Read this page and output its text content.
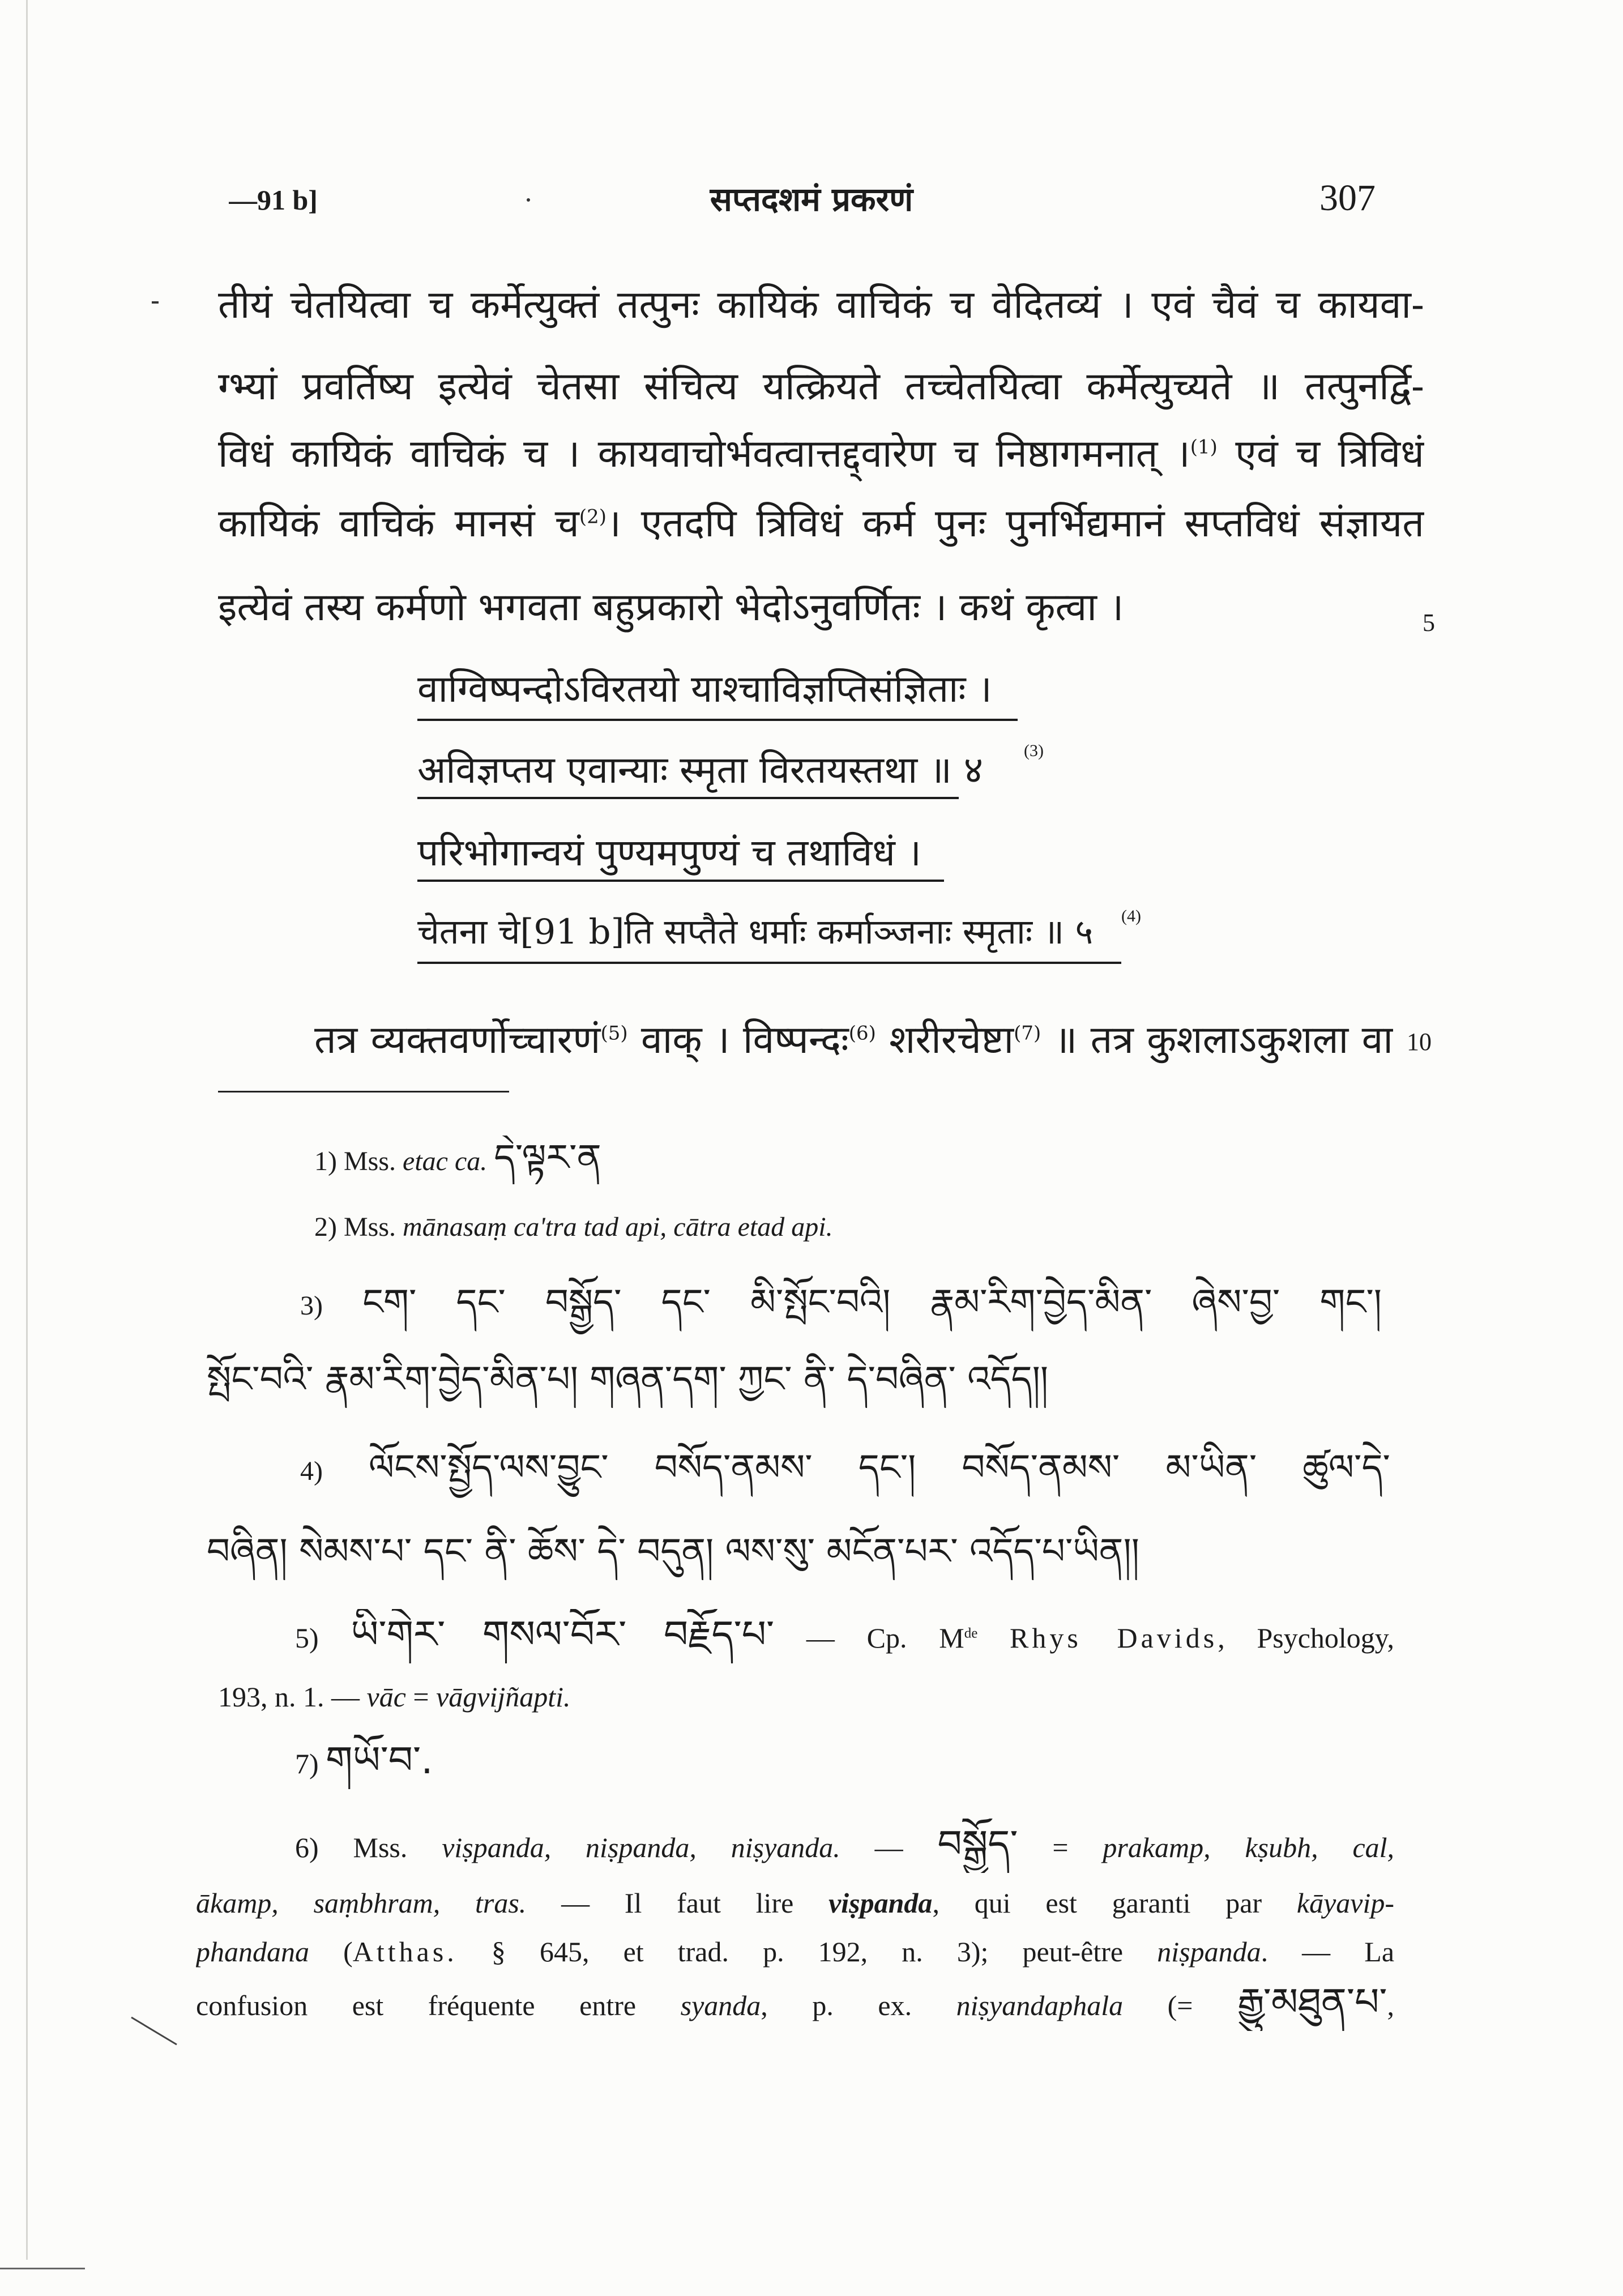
—91 b]	सप्तदशमं प्रकरणं	307
तीयं चेतयित्वा च कर्मेत्युक्तं तत्पुनः कायिकं वाचिकं च वेदितव्यं । एवं चैवं च कायवा-
ग्भ्यां प्रवर्तिष्य इत्येवं चेतसा संचित्य यत्क्रियते तच्चेतयित्वा कर्मेत्युच्यते ॥ तत्पुनर्द्वि-
विधं कायिकं वाचिकं च । कायवाचोर्भवत्वात्तद्द्वारेण च निष्ठागमनात् ।$^{(1)}$ एवं च त्रिविधं
कायिकं वाचिकं मानसं च$^{(2)}$। एतदपि त्रिविधं कर्म पुनः पुनर्भिद्यमानं सप्तविधं संज्ञायत
इत्येवं तस्य कर्मणो भगवता बहुप्रकारो भेदोऽनुवर्णितः । कथं कृत्वा ।	5
वाग्विष्पन्दोऽविरतयो याश्चाविज्ञप्तिसंज्ञिताः ।
अविज्ञप्तय एवान्याः स्मृता विरतयस्तथा ॥ ४ (3)
परिभोगान्वयं पुण्यमपुण्यं च तथाविधं ।
चेतना चे[91 b]ति सप्तैते धर्माः कर्माञ्जनाः स्मृताः ॥ ५	(4)
तत्र व्यक्तवर्णोच्चारणं$^{(5)}$ वाक् । विष्पन्दः$^{(6)}$ शरीरचेष्टा$^{(7)}$ ॥ तत्र कुशलाऽकुशला वा 10
1) Mss. etac ca. དེ་ལྟར་ན
2) Mss. mānasaṃ ca'tra tad api, cātra etad api.
3) ངག་ དང་ བསྒྱོད་ དང་ མི་སྤོང་བའི། རྣམ་རིག་བྱེད་མིན་ ཞེས་བྱ་ གང་།
སྤོང་བའི་ རྣམ་རིག་བྱེད་མིན་པ། གཞན་དག་ ཀྱང་ ནི་ དེ་བཞིན་ འདོད།།
4) ལོངས་སྤྱོད་ལས་བྱུང་ བསོད་ནམས་ དང་། བསོད་ནམས་ མ་ཡིན་ ཚུལ་དེ་
བཞིན། སེམས་པ་ དང་ ནི་ ཆོས་ དེ་ བདུན། ལས་སུ་ མངོན་པར་ འདོད་པ་ཡིན།།
5) ཡི་གེར་ གསལ་བོར་ བརྗོད་པ་ — Cp. Mde Rhys Davids, Psychology,
193, n. 1. — vāc = vāgvijñapti.
7) གཡོ་བ་.
6) Mss. viṣpanda, niṣpanda, niṣyanda. — བསྒྱོད་ = prakamp, kṣubh, cal,
ākamp, saṃbhram, tras. — Il faut lire viṣpanda, qui est garanti par kāyavip-
phandana (Atthas. § 645, et trad. p. 192, n. 3); peut-être niṣpanda. — La
confusion est fréquente entre syanda, p. ex. niṣyandaphala (= རྒྱུ་མཐུན་པ་,
